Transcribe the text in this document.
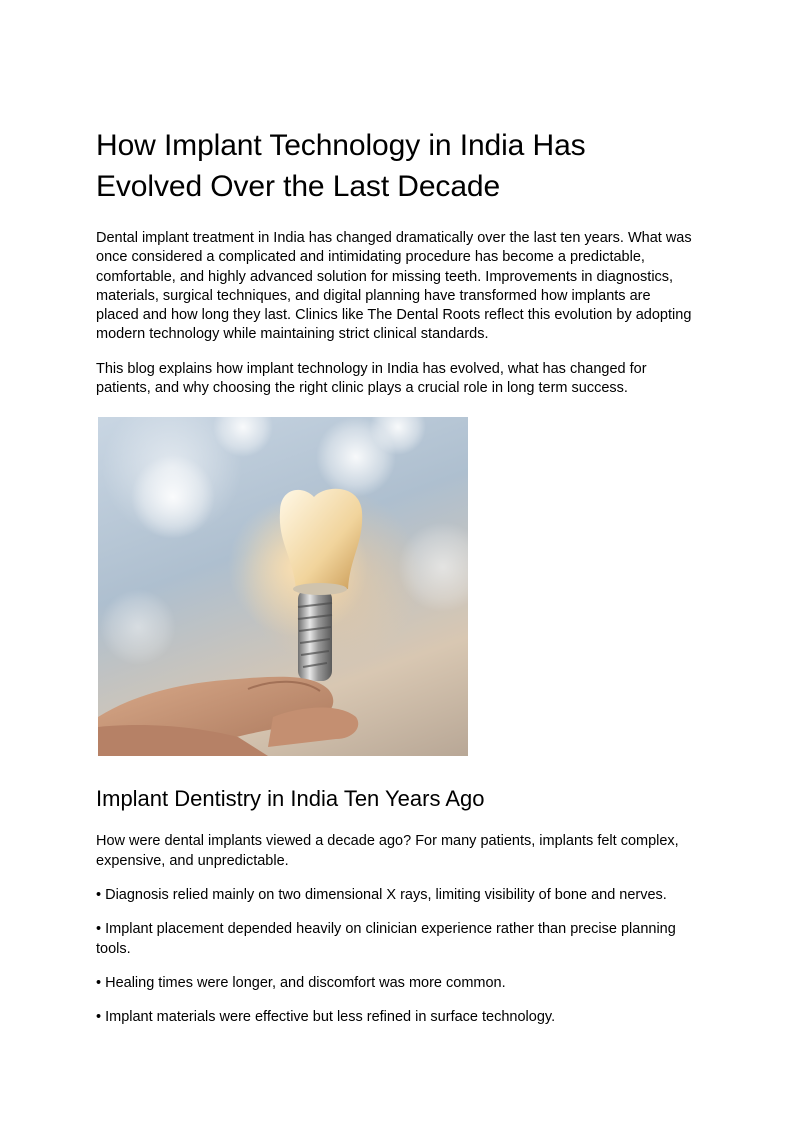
How Implant Technology in India Has Evolved Over the Last Decade

Dental implant treatment in India has changed dramatically over the last ten years. What was once considered a complicated and intimidating procedure has become a predictable, comfortable, and highly advanced solution for missing teeth. Improvements in diagnostics, materials, surgical techniques, and digital planning have transformed how implants are placed and how long they last. Clinics like The Dental Roots reflect this evolution by adopting modern technology while maintaining strict clinical standards.

This blog explains how implant technology in India has evolved, what has changed for patients, and why choosing the right clinic plays a crucial role in long term success.

Implant Dentistry in India Ten Years Ago

How were dental implants viewed a decade ago? For many patients, implants felt complex, expensive, and unpredictable.

• Diagnosis relied mainly on two dimensional X rays, limiting visibility of bone and nerves.

• Implant placement depended heavily on clinician experience rather than precise planning tools.

• Healing times were longer, and discomfort was more common.

• Implant materials were effective but less refined in surface technology.
